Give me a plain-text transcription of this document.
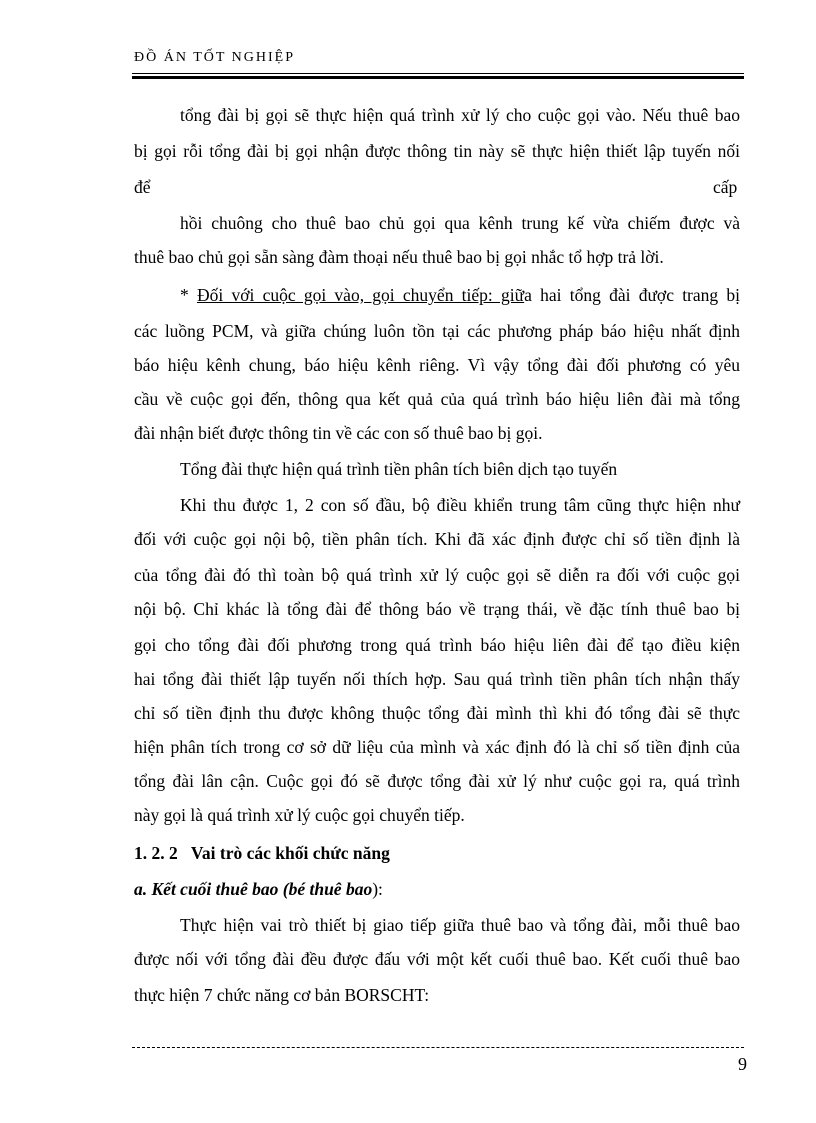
ĐỒ ÁN TỐT NGHIỆP
tổng đài bị gọi sẽ thực hiện quá trình xử lý cho cuộc gọi vào. Nếu thuê bao
bị gọi rỗi tổng đài bị gọi nhận được thông tin này sẽ thực hiện thiết lập tuyến nối
để	cấp
hồi chuông cho thuê bao chủ gọi qua kênh trung kế vừa chiếm được và
thuê bao chủ gọi sẵn sàng đàm thoại nếu thuê bao bị gọi nhắc tổ hợp trả lời.
* Đối với cuộc gọi vào, gọi chuyển tiếp: giữa hai tổng đài được trang bị
các luồng PCM, và giữa chúng luôn tồn tại các phương pháp báo hiệu nhất định
báo hiệu kênh chung, báo hiệu kênh riêng. Vì vậy tổng đài đối phương có yêu
cầu về cuộc gọi đến, thông qua kết quả của quá trình báo hiệu liên đài mà tổng
đài nhận biết được thông tin về các con số thuê bao bị gọi.
Tổng đài thực hiện quá trình tiền phân tích biên dịch tạo tuyến
Khi thu được 1, 2 con số đầu, bộ điều khiển trung tâm cũng thực hiện như
đối với cuộc gọi nội bộ, tiền phân tích. Khi đã xác định được chỉ số tiền định là
của tổng đài đó thì toàn bộ quá trình xử lý cuộc gọi sẽ diễn ra đối với cuộc gọi
nội bộ. Chỉ khác là tổng đài để thông báo về trạng thái, về đặc tính thuê bao bị
gọi cho tổng đài đối phương trong quá trình báo hiệu liên đài để tạo điều kiện
hai tổng đài thiết lập tuyến nối thích hợp. Sau quá trình tiền phân tích nhận thấy
chỉ số tiền định thu được không thuộc tổng đài mình thì khi đó tổng đài sẽ thực
hiện phân tích trong cơ sở dữ liệu của mình và xác định đó là chỉ số tiền định của
tổng đài lân cận. Cuộc gọi đó sẽ được tổng đài xử lý như cuộc gọi ra, quá trình
này gọi là quá trình xử lý cuộc gọi chuyển tiếp.
1. 2. 2 Vai trò các khối chức năng
a. Kết cuối thuê bao (bé thuê bao):
Thực hiện vai trò thiết bị giao tiếp giữa thuê bao và tổng đài, mỗi thuê bao
được nối với tổng đài đều được đấu với một kết cuối thuê bao. Kết cuối thuê bao
thực hiện 7 chức năng cơ bản BORSCHT:
9
